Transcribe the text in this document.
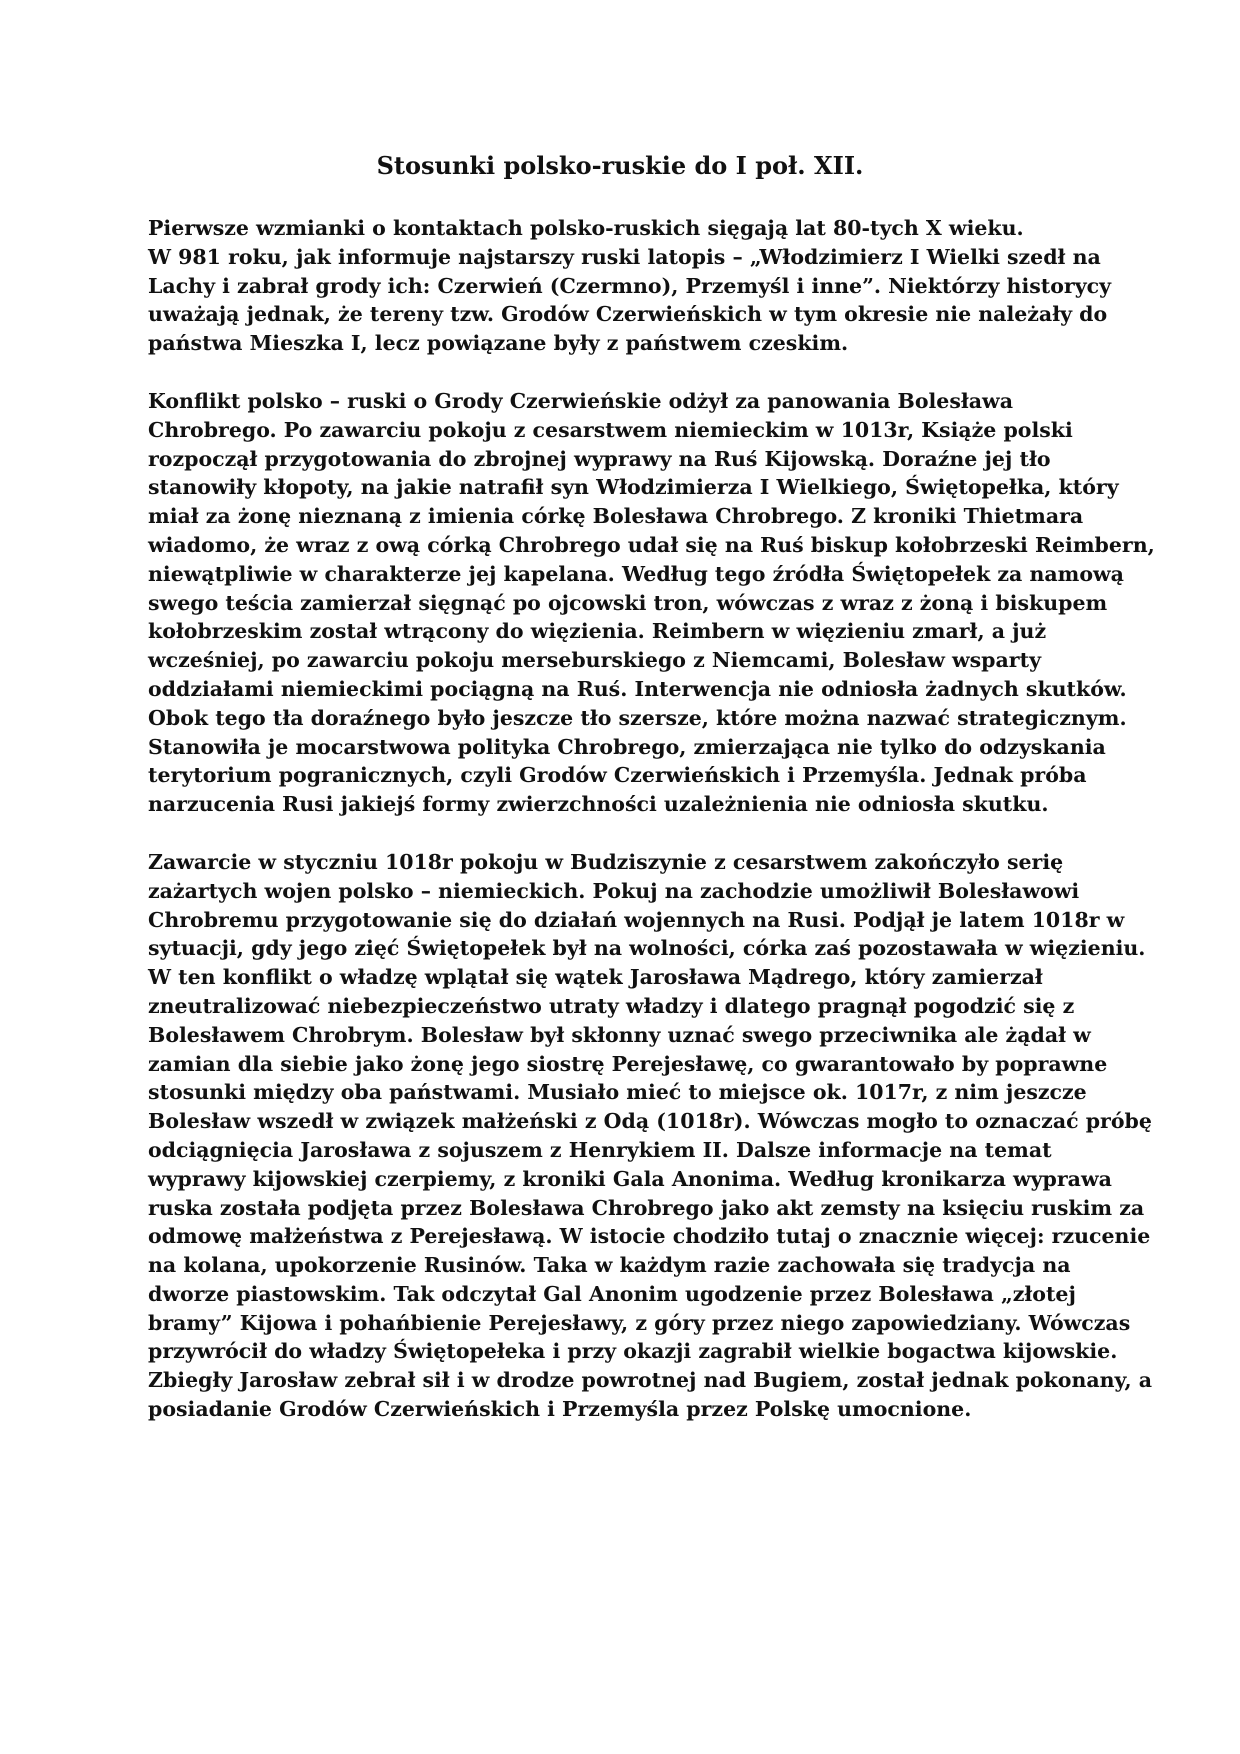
Stosunki polsko-ruskie do I poł. XII.

Pierwsze wzmianki o kontaktach polsko-ruskich sięgają lat 80-tych X wieku.
W 981 roku, jak informuje najstarszy ruski latopis – „Włodzimierz I Wielki szedł na
Lachy i zabrał grody ich: Czerwień (Czermno), Przemyśl i inne”. Niektórzy historycy
uważają jednak, że tereny tzw. Grodów Czerwieńskich w tym okresie nie należały do
państwa Mieszka I, lecz powiązane były z państwem czeskim.

Konflikt polsko – ruski o Grody Czerwieńskie odżył za panowania Bolesława
Chrobrego. Po zawarciu pokoju z cesarstwem niemieckim w 1013r, Książe polski
rozpoczął przygotowania do zbrojnej wyprawy na Ruś Kijowską. Doraźne jej tło
stanowiły kłopoty, na jakie natrafił syn Włodzimierza I Wielkiego, Świętopełka, który
miał za żonę nieznaną z imienia córkę Bolesława Chrobrego. Z kroniki Thietmara
wiadomo, że wraz z ową córką Chrobrego udał się na Ruś biskup kołobrzeski Reimbern,
niewątpliwie w charakterze jej kapelana. Według tego źródła Świętopełek za namową
swego teścia zamierzał sięgnąć po ojcowski tron, wówczas z wraz z żoną i biskupem
kołobrzeskim został wtrącony do więzienia. Reimbern w więzieniu zmarł, a już
wcześniej, po zawarciu pokoju merseburskiego z Niemcami, Bolesław wsparty
oddziałami niemieckimi pociągną na Ruś. Interwencja nie odniosła żadnych skutków.
Obok tego tła doraźnego było jeszcze tło szersze, które można nazwać strategicznym.
Stanowiła je mocarstwowa polityka Chrobrego, zmierzająca nie tylko do odzyskania
terytorium pogranicznych, czyli Grodów Czerwieńskich i Przemyśla. Jednak próba
narzucenia Rusi jakiejś formy zwierzchności uzależnienia nie odniosła skutku.

Zawarcie w styczniu 1018r pokoju w Budziszynie z cesarstwem zakończyło serię
zażartych wojen polsko – niemieckich. Pokuj na zachodzie umożliwił Bolesławowi
Chrobremu przygotowanie się do działań wojennych na Rusi. Podjął je latem 1018r w
sytuacji, gdy jego zięć Świętopełek był na wolności, córka zaś pozostawała w więzieniu.
W ten konflikt o władzę wplątał się wątek Jarosława Mądrego, który zamierzał
zneutralizować niebezpieczeństwo utraty władzy i dlatego pragnął pogodzić się z
Bolesławem Chrobrym. Bolesław był skłonny uznać swego przeciwnika ale żądał w
zamian dla siebie jako żonę jego siostrę Perejesławę, co gwarantowało by poprawne
stosunki między oba państwami. Musiało mieć to miejsce ok. 1017r, z nim jeszcze
Bolesław wszedł w związek małżeński z Odą (1018r). Wówczas mogło to oznaczać próbę
odciągnięcia Jarosława z sojuszem z Henrykiem II. Dalsze informacje na temat
wyprawy kijowskiej czerpiemy, z kroniki Gala Anonima. Według kronikarza wyprawa
ruska została podjęta przez Bolesława Chrobrego jako akt zemsty na księciu ruskim za
odmowę małżeństwa z Perejesławą. W istocie chodziło tutaj o znacznie więcej: rzucenie
na kolana, upokorzenie Rusinów. Taka w każdym razie zachowała się tradycja na
dworze piastowskim. Tak odczytał Gal Anonim ugodzenie przez Bolesława „złotej
bramy” Kijowa i pohańbienie Perejesławy, z góry przez niego zapowiedziany. Wówczas
przywrócił do władzy Świętopełeka i przy okazji zagrabił wielkie bogactwa kijowskie.
Zbiegły Jarosław zebrał sił i w drodze powrotnej nad Bugiem, został jednak pokonany, a
posiadanie Grodów Czerwieńskich i Przemyśla przez Polskę umocnione.
